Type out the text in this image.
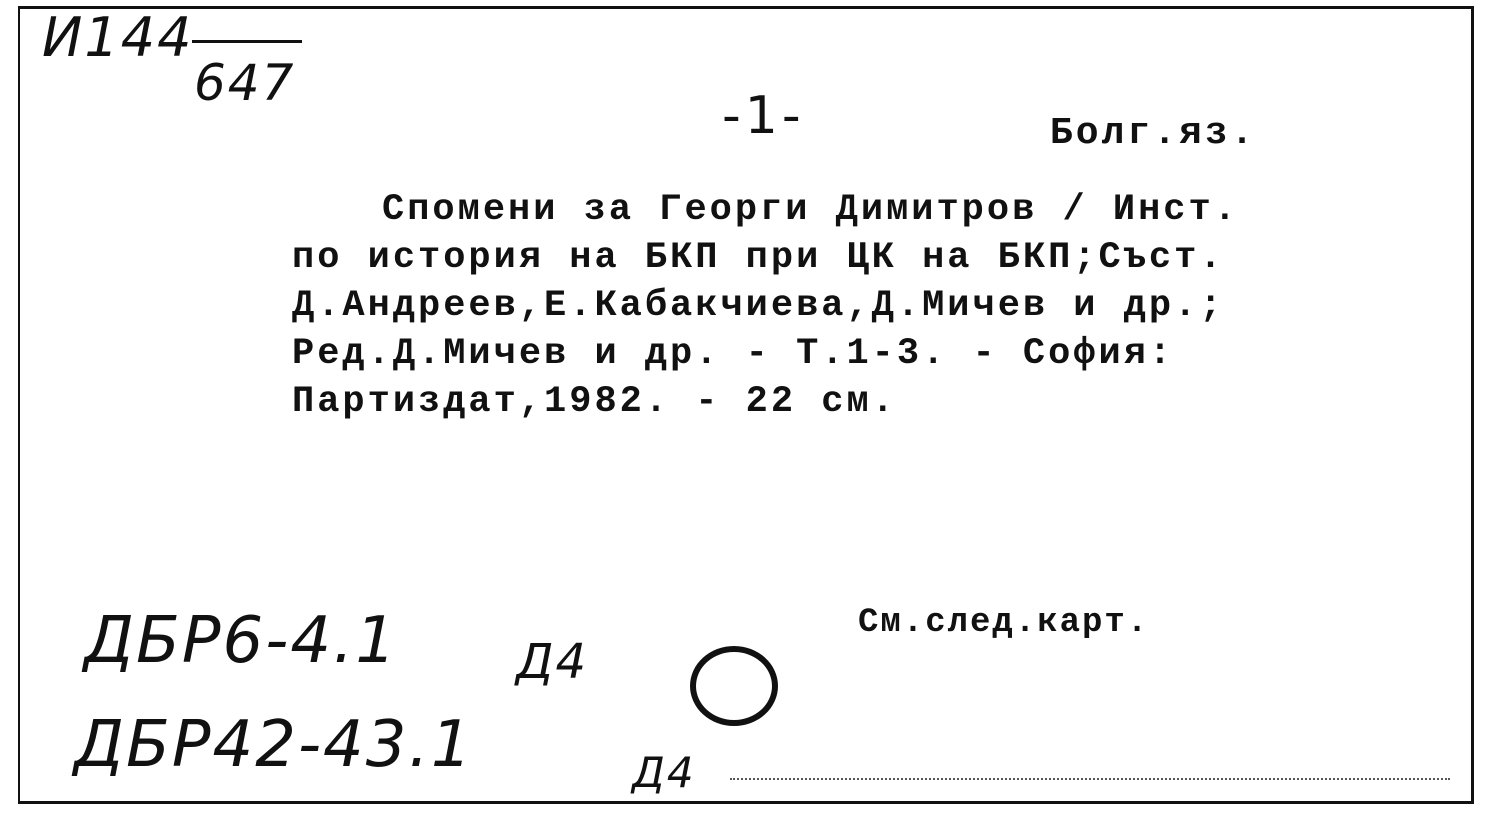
И144
647
-1-	Болг.яз.
Спомени за Георги Димитров / Инст.
по история на БКП при ЦК на БКП;Съст.
Д.Андреев,Е.Кабакчиева,Д.Мичев и др.;
Ред.Д.Мичев и др. - Т.1-3. - София:
Партиздат,1982. - 22 см.
См.след.карт.
ДБР6-4.1 Д4
ДБР42-43.1	Д4
